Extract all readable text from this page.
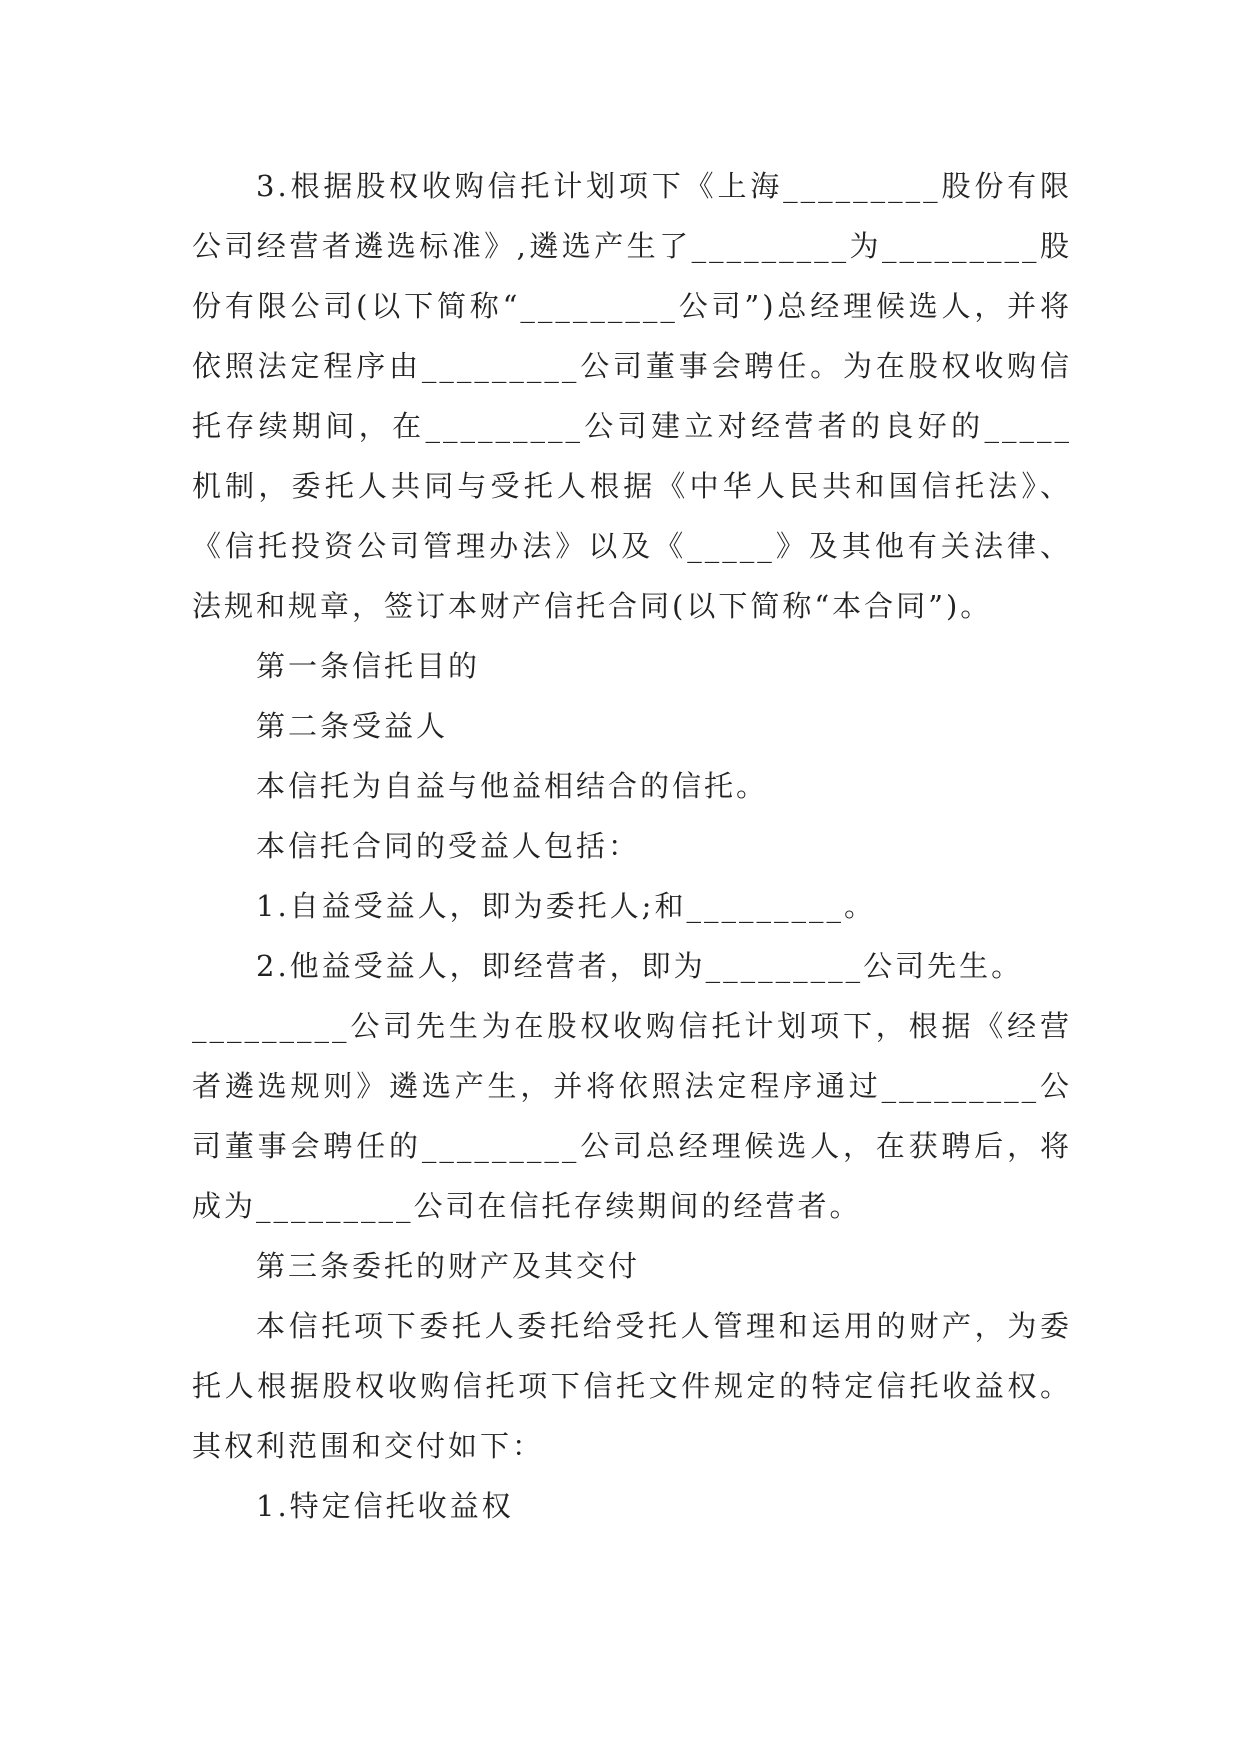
3.根据股权收购信托计划项下《上海_________股份有限公司经营者遴选标准》,遴选产生了_________为_________股份有限公司(以下简称“_________公司”)总经理候选人，并将依照法定程序由_________公司董事会聘任。为在股权收购信托存续期间，在_________公司建立对经营者的良好的_____机制，委托人共同与受托人根据《中华人民共和国信托法》、《信托投资公司管理办法》以及《_____》及其他有关法律、法规和规章，签订本财产信托合同(以下简称“本合同”)。

第一条信托目的

第二条受益人

本信托为自益与他益相结合的信托。

本信托合同的受益人包括：

1.自益受益人，即为委托人;和_________。

2.他益受益人，即经营者，即为_________公司先生。

_________公司先生为在股权收购信托计划项下，根据《经营者遴选规则》遴选产生，并将依照法定程序通过_________公司董事会聘任的_________公司总经理候选人，在获聘后，将成为_________公司在信托存续期间的经营者。

第三条委托的财产及其交付

本信托项下委托人委托给受托人管理和运用的财产，为委托人根据股权收购信托项下信托文件规定的特定信托收益权。其权利范围和交付如下：

1.特定信托收益权
